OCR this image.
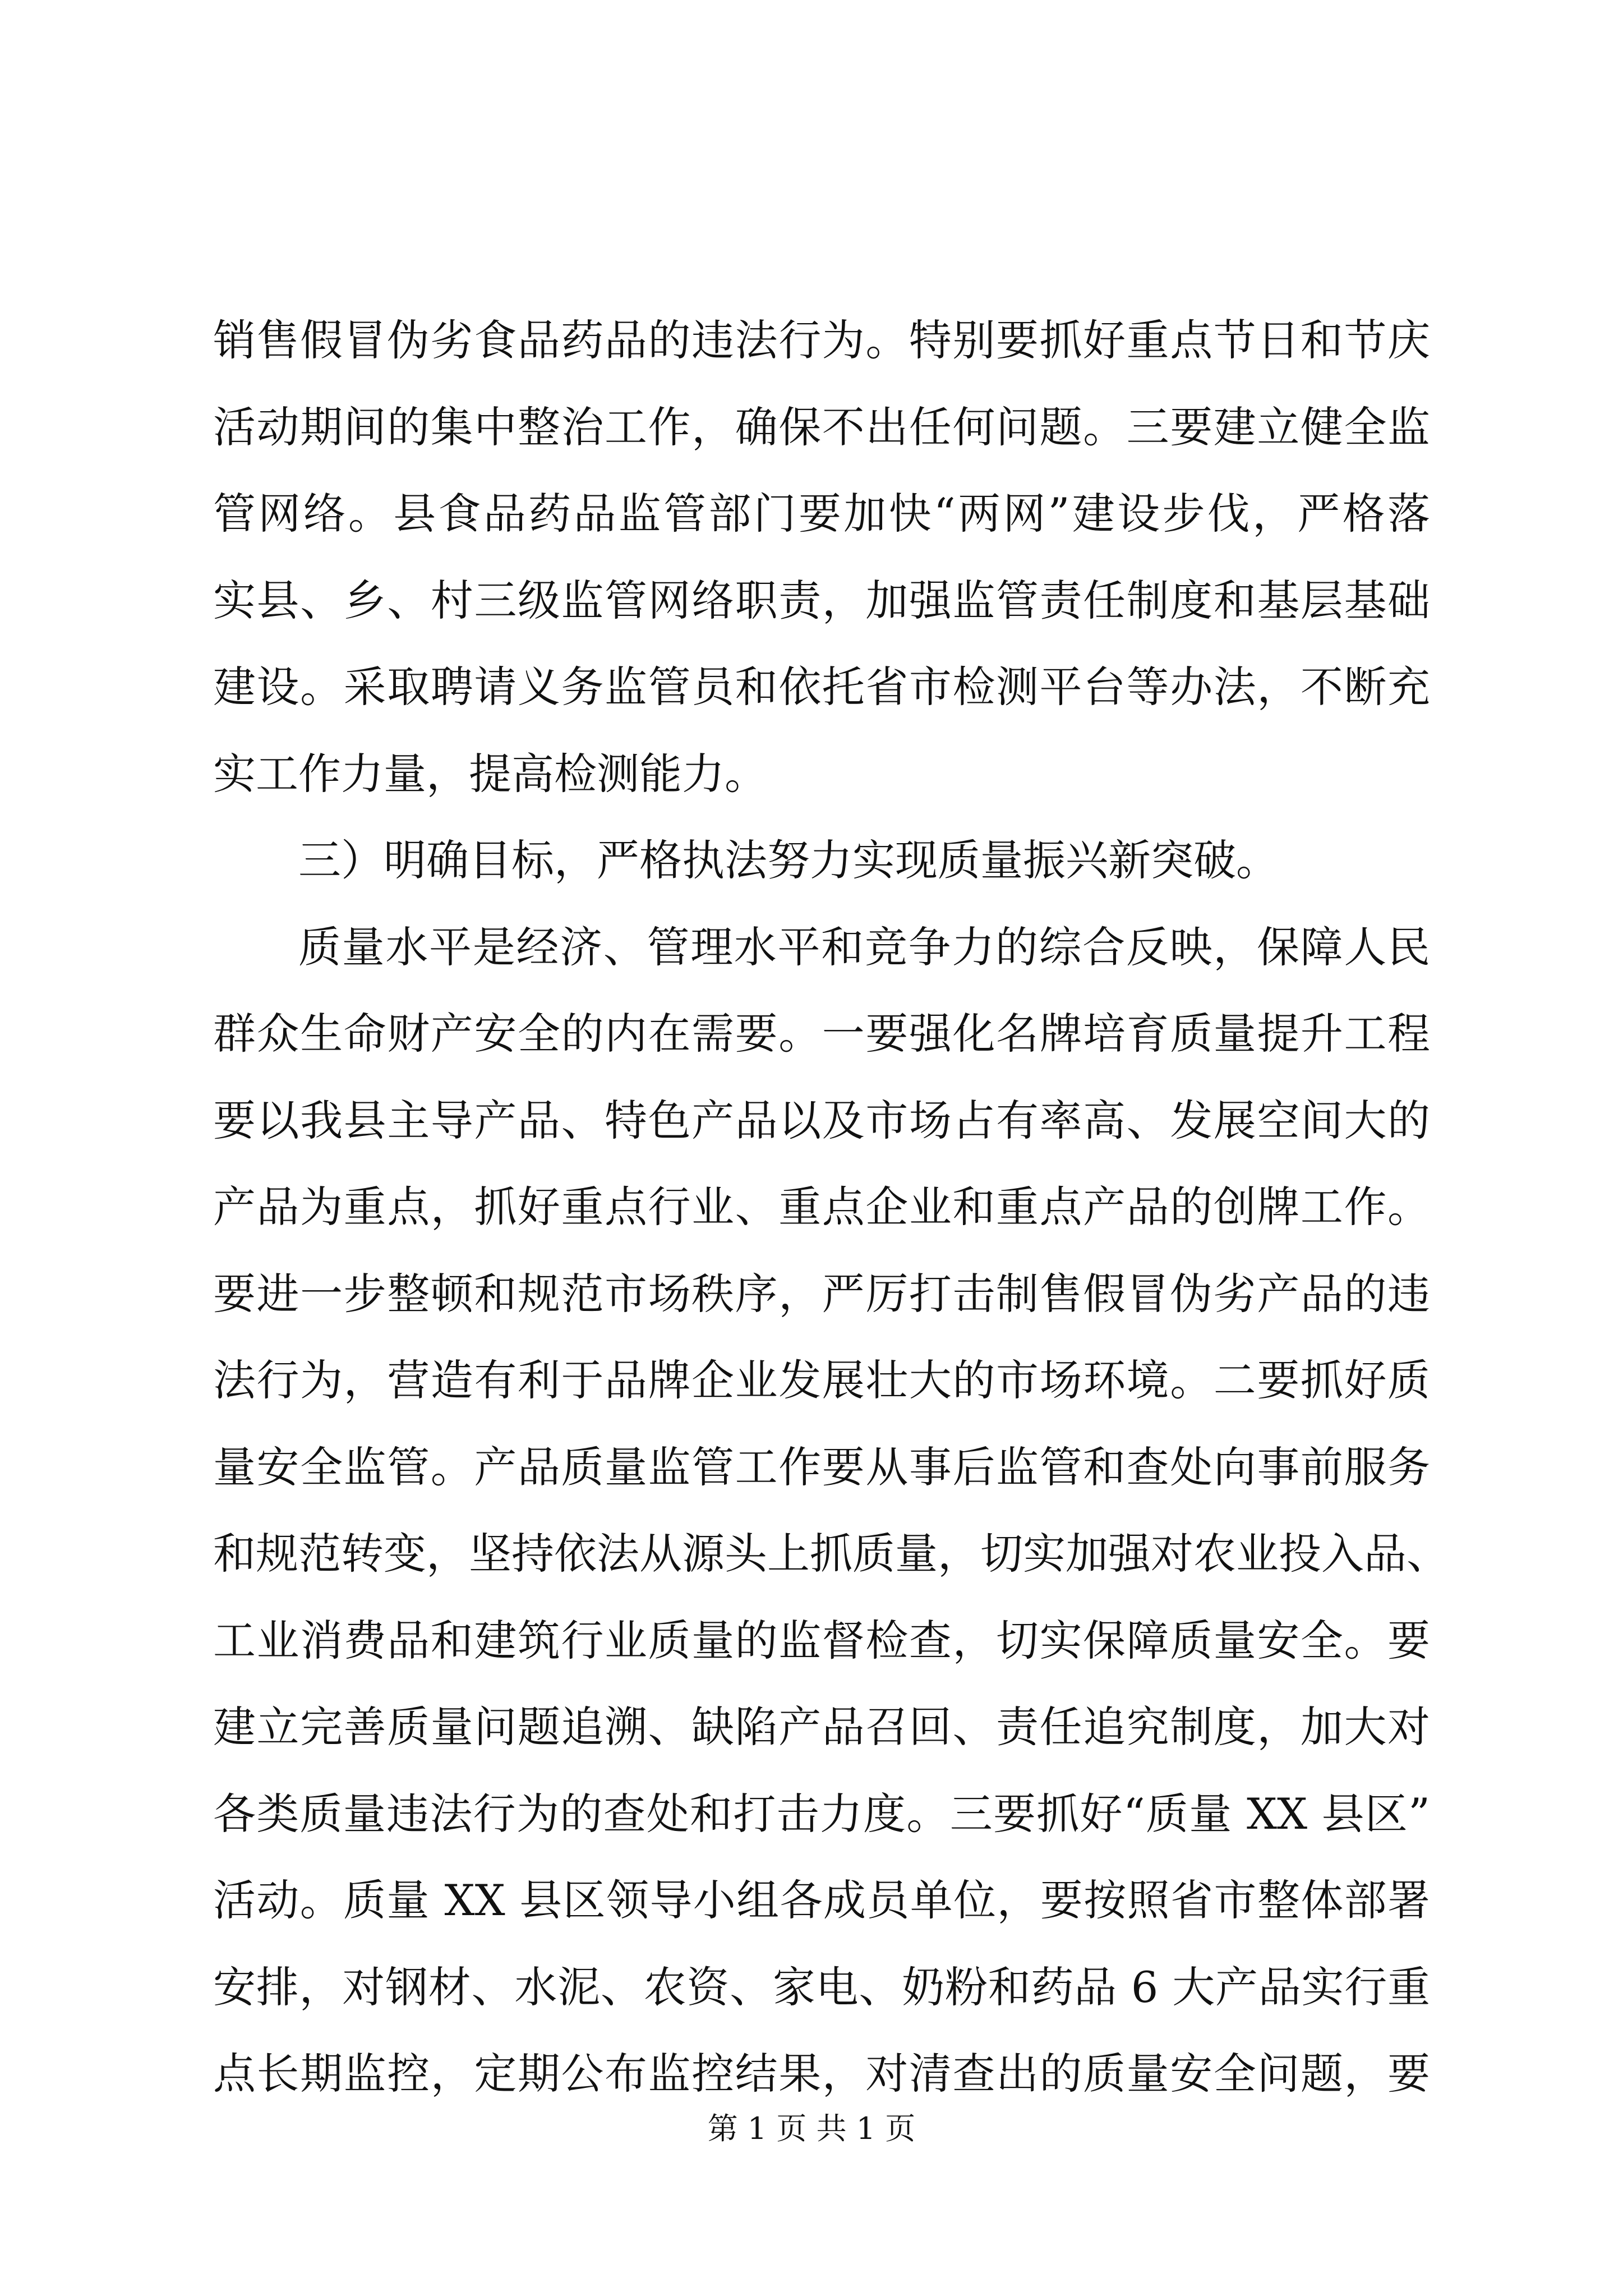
销售假冒伪劣食品药品的违法行为。特别要抓好重点节日和节庆
活动期间的集中整治工作，确保不出任何问题。三要建立健全监
管网络。县食品药品监管部门要加快“两网”建设步伐，严格落
实县、乡、村三级监管网络职责，加强监管责任制度和基层基础
建设。采取聘请义务监管员和依托省市检测平台等办法，不断充
实工作力量，提高检测能力。
三）明确目标，严格执法努力实现质量振兴新突破。
质量水平是经济、管理水平和竞争力的综合反映，保障人民
群众生命财产安全的内在需要。一要强化名牌培育质量提升工程
要以我县主导产品、特色产品以及市场占有率高、发展空间大的
产品为重点，抓好重点行业、重点企业和重点产品的创牌工作。
要进一步整顿和规范市场秩序，严厉打击制售假冒伪劣产品的违
法行为，营造有利于品牌企业发展壮大的市场环境。二要抓好质
量安全监管。产品质量监管工作要从事后监管和查处向事前服务
和规范转变，坚持依法从源头上抓质量，切实加强对农业投入品、
工业消费品和建筑行业质量的监督检查，切实保障质量安全。要
建立完善质量问题追溯、缺陷产品召回、责任追究制度，加大对
各类质量违法行为的查处和打击力度。三要抓好“质量 XX 县区”
活动。质量 XX 县区领导小组各成员单位，要按照省市整体部署
安排，对钢材、水泥、农资、家电、奶粉和药品 6 大产品实行重
点长期监控，定期公布监控结果，对清查出的质量安全问题，要
第 1 页 共 1 页
